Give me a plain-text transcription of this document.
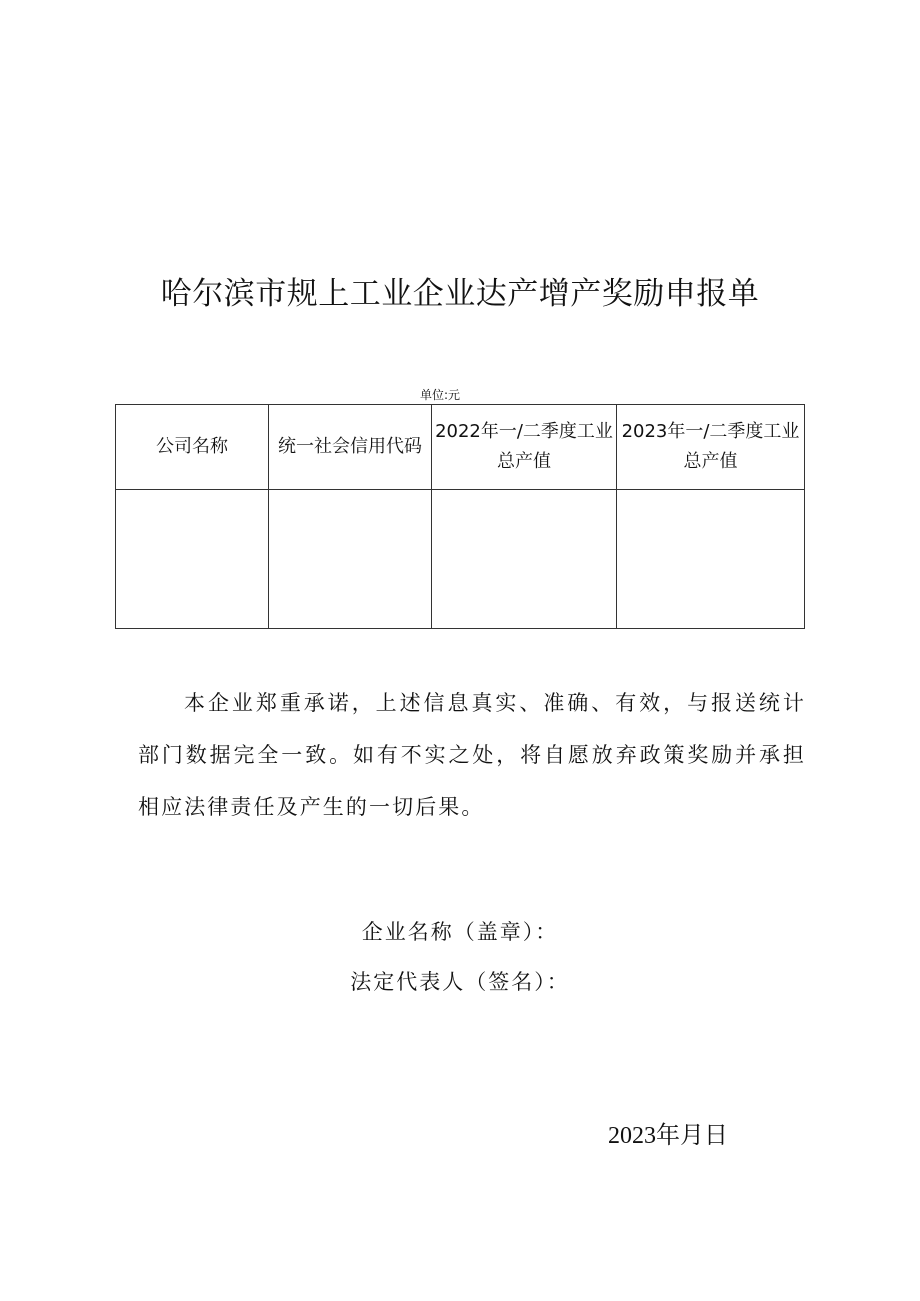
哈尔滨市规上工业企业达产增产奖励申报单
单位:元
公司名称	统一社会信用代码	2022年一/二季度工业总产值	2023年一/二季度工业总产值

本企业郑重承诺，上述信息真实、准确、有效，与报送统计部门数据完全一致。如有不实之处，将自愿放弃政策奖励并承担相应法律责任及产生的一切后果。

企业名称（盖章）：
法定代表人（签名）：
2023年月日
